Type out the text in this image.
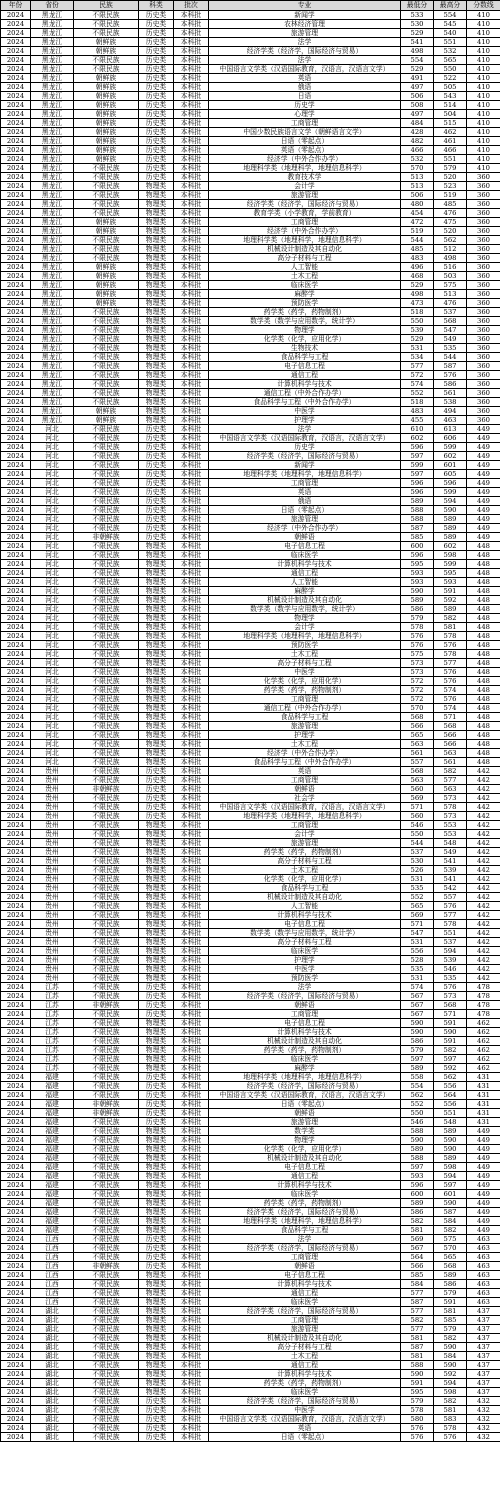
年份	省份	民族	科类	批次	专业	最低分	最高分	分数线
2024	黑龙江	不限民族	历史类	本科批	新闻学	533	554	410
2024	黑龙江	不限民族	历史类	本科批	农林经济管理	530	545	410
2024	黑龙江	不限民族	历史类	本科批	旅游管理	529	540	410
2024	黑龙江	朝鲜族	历史类	本科批	法学	541	551	410
2024	黑龙江	朝鲜族	历史类	本科批	经济学类（经济学，国际经济与贸易）	498	532	410
2024	黑龙江	不限民族	历史类	本科批	法学	554	565	410
2024	黑龙江	不限民族	历史类	本科批	中国语言文学类（汉语国际教育，汉语言，汉语言文学）	529	550	410
2024	黑龙江	朝鲜族	历史类	本科批	英语	491	522	410
2024	黑龙江	朝鲜族	历史类	本科批	俄语	497	505	410
2024	黑龙江	朝鲜族	历史类	本科批	日语	506	543	410
2024	黑龙江	朝鲜族	历史类	本科批	历史学	508	514	410
2024	黑龙江	朝鲜族	历史类	本科批	心理学	497	504	410
2024	黑龙江	朝鲜族	历史类	本科批	工商管理	484	515	410
2024	黑龙江	朝鲜族	历史类	本科批	中国少数民族语言文学（朝鲜语言文学）	428	462	410
2024	黑龙江	朝鲜族	历史类	本科批	日语（零起点）	482	461	410
2024	黑龙江	朝鲜族	历史类	本科批	英语（零起点）	466	466	410
2024	黑龙江	朝鲜族	历史类	本科批	经济学（中外合作办学）	532	551	410
2024	黑龙江	不限民族	历史类	本科批	地理科学类（地理科学，地理信息科学）	570	579	410
2024	黑龙江	不限民族	历史类	本科批	教育技术学	513	520	360
2024	黑龙江	不限民族	物理类	本科批	会计学	513	523	360
2024	黑龙江	不限民族	物理类	本科批	旅游管理	506	519	360
2024	黑龙江	不限民族	物理类	本科批	经济学类（经济学，国际经济与贸易）	480	485	360
2024	黑龙江	不限民族	物理类	本科批	教育学类（小学教育，学前教育）	454	476	360
2024	黑龙江	朝鲜族	物理类	本科批	工商管理	472	475	360
2024	黑龙江	朝鲜族	物理类	本科批	经济学（中外合作办学）	519	520	360
2024	黑龙江	不限民族	物理类	本科批	地理科学类（地理科学，地理信息科学）	544	562	360
2024	黑龙江	不限民族	物理类	本科批	机械设计制造及其自动化	485	512	360
2024	黑龙江	不限民族	物理类	本科批	高分子材料与工程	483	498	360
2024	黑龙江	朝鲜族	物理类	本科批	人工智能	496	516	360
2024	黑龙江	朝鲜族	物理类	本科批	土木工程	468	503	360
2024	黑龙江	朝鲜族	物理类	本科批	临床医学	529	575	360
2024	黑龙江	朝鲜族	物理类	本科批	麻醉学	498	513	360
2024	黑龙江	朝鲜族	物理类	本科批	预防医学	473	476	360
2024	黑龙江	不限民族	物理类	本科批	药学类（药学，药物制剂）	518	537	360
2024	黑龙江	不限民族	物理类	本科批	数学类（数学与应用数学，统计学）	550	568	360
2024	黑龙江	不限民族	物理类	本科批	物理学	539	547	360
2024	黑龙江	不限民族	物理类	本科批	化学类（化学，应用化学）	529	549	360
2024	黑龙江	不限民族	物理类	本科批	生物技术	531	535	360
2024	黑龙江	不限民族	物理类	本科批	食品科学与工程	534	544	360
2024	黑龙江	不限民族	物理类	本科批	电子信息工程	577	587	360
2024	黑龙江	不限民族	物理类	本科批	通信工程	572	576	360
2024	黑龙江	不限民族	物理类	本科批	计算机科学与技术	574	586	360
2024	黑龙江	不限民族	物理类	本科批	通信工程（中外合作办学）	552	561	360
2024	黑龙江	不限民族	物理类	本科批	食品科学与工程（中外合作办学）	518	538	360
2024	黑龙江	朝鲜族	物理类	本科批	中医学	483	494	360
2024	黑龙江	朝鲜族	物理类	本科批	护理学	455	463	360
2024	河北	不限民族	历史类	本科批	法学	610	613	449
2024	河北	不限民族	历史类	本科批	中国语言文学类（汉语国际教育，汉语言，汉语言文学）	602	606	449
2024	河北	不限民族	历史类	本科批	历史学	596	599	449
2024	河北	不限民族	历史类	本科批	经济学类（经济学，国际经济与贸易）	597	602	449
2024	河北	不限民族	历史类	本科批	新闻学	599	601	449
2024	河北	不限民族	历史类	本科批	地理科学类（地理科学，地理信息科学）	597	605	449
2024	河北	不限民族	历史类	本科批	工商管理	596	596	449
2024	河北	不限民族	历史类	本科批	英语	596	599	449
2024	河北	不限民族	历史类	本科批	俄语	589	594	449
2024	河北	不限民族	历史类	本科批	日语（零起点）	588	590	449
2024	河北	不限民族	历史类	本科批	旅游管理	588	589	449
2024	河北	不限民族	历史类	本科批	经济学（中外合作办学）	587	589	449
2024	河北	非朝鲜族	历史类	本科批	朝鲜语	585	589	449
2024	河北	不限民族	物理类	本科批	电子信息工程	600	602	448
2024	河北	不限民族	物理类	本科批	临床医学	596	598	448
2024	河北	不限民族	物理类	本科批	计算机科学与技术	595	599	448
2024	河北	不限民族	物理类	本科批	通信工程	593	595	448
2024	河北	不限民族	物理类	本科批	人工智能	593	593	448
2024	河北	不限民族	物理类	本科批	麻醉学	590	591	448
2024	河北	不限民族	物理类	本科批	机械设计制造及其自动化	589	592	448
2024	河北	不限民族	物理类	本科批	数学类（数学与应用数学，统计学）	586	589	448
2024	河北	不限民族	物理类	本科批	物理学	579	582	448
2024	河北	不限民族	物理类	本科批	会计学	578	581	448
2024	河北	不限民族	物理类	本科批	地理科学类（地理科学，地理信息科学）	576	578	448
2024	河北	不限民族	物理类	本科批	预防医学	576	576	448
2024	河北	不限民族	物理类	本科批	土木工程	575	578	448
2024	河北	不限民族	物理类	本科批	高分子材料与工程	573	577	448
2024	河北	不限民族	物理类	本科批	中医学	573	576	448
2024	河北	不限民族	物理类	本科批	化学类（化学，应用化学）	572	576	448
2024	河北	不限民族	物理类	本科批	药学类（药学，药物制剂）	572	574	448
2024	河北	不限民族	物理类	本科批	工商管理	572	576	448
2024	河北	不限民族	物理类	本科批	通信工程（中外合作办学）	570	574	448
2024	河北	不限民族	物理类	本科批	食品科学与工程	568	571	448
2024	河北	不限民族	物理类	本科批	旅游管理	566	568	448
2024	河北	不限民族	物理类	本科批	护理学	565	566	448
2024	河北	不限民族	物理类	本科批	土木工程	563	566	448
2024	河北	不限民族	物理类	本科批	经济学（中外合作办学）	561	563	448
2024	河北	不限民族	物理类	本科批	食品科学与工程（中外合作办学）	557	561	448
2024	贵州	不限民族	历史类	本科批	英语	568	582	442
2024	贵州	不限民族	历史类	本科批	工商管理	563	577	442
2024	贵州	非朝鲜族	历史类	本科批	朝鲜语	560	563	442
2024	贵州	不限民族	历史类	本科批	社会学	569	573	442
2024	贵州	不限民族	历史类	本科批	中国语言文学类（汉语国际教育，汉语言，汉语言文学）	571	578	442
2024	贵州	不限民族	历史类	本科批	地理科学类（地理科学，地理信息科学）	560	573	442
2024	贵州	不限民族	物理类	本科批	工商管理	546	553	442
2024	贵州	不限民族	物理类	本科批	会计学	550	553	442
2024	贵州	不限民族	物理类	本科批	旅游管理	544	548	442
2024	贵州	不限民族	物理类	本科批	药学类（药学，药物制剂）	537	549	442
2024	贵州	不限民族	物理类	本科批	高分子材料与工程	530	541	442
2024	贵州	不限民族	物理类	本科批	土木工程	526	539	442
2024	贵州	不限民族	物理类	本科批	化学类（化学，应用化学）	531	541	442
2024	贵州	不限民族	物理类	本科批	食品科学与工程	535	542	442
2024	贵州	不限民族	物理类	本科批	机械设计制造及其自动化	552	557	442
2024	贵州	不限民族	物理类	本科批	人工智能	565	576	442
2024	贵州	不限民族	物理类	本科批	计算机科学与技术	569	577	442
2024	贵州	不限民族	物理类	本科批	电子信息工程	571	578	442
2024	贵州	不限民族	物理类	本科批	数学类（数学与应用数学，统计学）	547	551	442
2024	贵州	不限民族	物理类	本科批	高分子材料与工程	531	537	442
2024	贵州	不限民族	物理类	本科批	临床医学	556	594	442
2024	贵州	不限民族	物理类	本科批	护理学	528	539	442
2024	贵州	不限民族	物理类	本科批	中医学	535	546	442
2024	贵州	不限民族	物理类	本科批	预防医学	531	535	442
2024	江苏	不限民族	历史类	本科批	法学	574	576	478
2024	江苏	不限民族	历史类	本科批	经济学类（经济学，国际经济与贸易）	567	573	478
2024	江苏	非朝鲜族	历史类	本科批	朝鲜语	567	568	478
2024	江苏	不限民族	历史类	本科批	工商管理	567	571	478
2024	江苏	不限民族	物理类	本科批	电子信息工程	590	591	462
2024	江苏	不限民族	物理类	本科批	计算机科学与技术	590	590	462
2024	江苏	不限民族	物理类	本科批	机械设计制造及其自动化	586	591	462
2024	江苏	不限民族	物理类	本科批	药学类（药学，药物制剂）	579	582	462
2024	江苏	不限民族	物理类	本科批	临床医学	597	597	462
2024	江苏	不限民族	物理类	本科批	麻醉学	589	592	462
2024	福建	不限民族	历史类	本科批	地理科学类（地理科学，地理信息科学）	558	562	431
2024	福建	不限民族	历史类	本科批	经济学类（经济学，国际经济与贸易）	554	556	431
2024	福建	不限民族	历史类	本科批	中国语言文学类（汉语国际教育，汉语言，汉语言文学）	562	564	431
2024	福建	非朝鲜族	历史类	本科批	日语（零起点）	552	556	431
2024	福建	非朝鲜族	历史类	本科批	朝鲜语	550	551	431
2024	福建	不限民族	历史类	本科批	旅游管理	546	548	431
2024	福建	不限民族	物理类	本科批	数学类	588	589	449
2024	福建	不限民族	物理类	本科批	物理学	590	590	449
2024	福建	不限民族	物理类	本科批	化学类（化学，应用化学）	589	590	449
2024	福建	不限民族	物理类	本科批	机械设计制造及其自动化	588	589	449
2024	福建	不限民族	物理类	本科批	电子信息工程	597	598	449
2024	福建	不限民族	物理类	本科批	通信工程	593	594	449
2024	福建	不限民族	物理类	本科批	计算机科学与技术	596	597	449
2024	福建	不限民族	物理类	本科批	临床医学	600	601	449
2024	福建	不限民族	物理类	本科批	药学类（药学，药物制剂）	589	590	449
2024	福建	不限民族	物理类	本科批	经济学类（经济学，国际经济与贸易）	586	587	449
2024	福建	不限民族	物理类	本科批	地理科学类（地理科学，地理信息科学）	582	584	449
2024	福建	不限民族	物理类	本科批	食品科学与工程	581	582	449
2024	江西	不限民族	历史类	本科批	法学	569	575	463
2024	江西	不限民族	历史类	本科批	经济学类（经济学，国际经济与贸易）	567	570	463
2024	江西	不限民族	历史类	本科批	工商管理	564	565	463
2024	江西	非朝鲜族	历史类	本科批	朝鲜语	566	568	463
2024	江西	不限民族	物理类	本科批	电子信息工程	585	589	463
2024	江西	不限民族	物理类	本科批	计算机科学与技术	584	586	463
2024	江西	不限民族	物理类	本科批	通信工程	577	579	463
2024	江西	不限民族	物理类	本科批	临床医学	587	591	463
2024	湖北	不限民族	物理类	本科批	经济学类（经济学，国际经济与贸易）	577	581	437
2024	湖北	不限民族	物理类	本科批	工商管理	582	585	437
2024	湖北	不限民族	物理类	本科批	旅游管理	577	579	437
2024	湖北	不限民族	物理类	本科批	机械设计制造及其自动化	581	582	437
2024	湖北	不限民族	物理类	本科批	高分子材料与工程	587	590	437
2024	湖北	不限民族	物理类	本科批	土木工程	581	584	437
2024	湖北	不限民族	物理类	本科批	通信工程	588	590	437
2024	湖北	不限民族	物理类	本科批	计算机科学与技术	590	592	437
2024	湖北	不限民族	物理类	本科批	药学类（药学，药物制剂）	591	594	437
2024	湖北	不限民族	物理类	本科批	临床医学	595	598	437
2024	湖北	不限民族	历史类	本科批	经济学类（经济学，国际经济与贸易）	579	582	432
2024	湖北	不限民族	历史类	本科批	中医学	578	581	432
2024	湖北	不限民族	历史类	本科批	中国语言文学类（汉语国际教育，汉语言，汉语言文学）	580	583	432
2024	湖北	不限民族	历史类	本科批	英语	576	578	432
2024	湖北	不限民族	历史类	本科批	日语（零起点）	576	576	432
